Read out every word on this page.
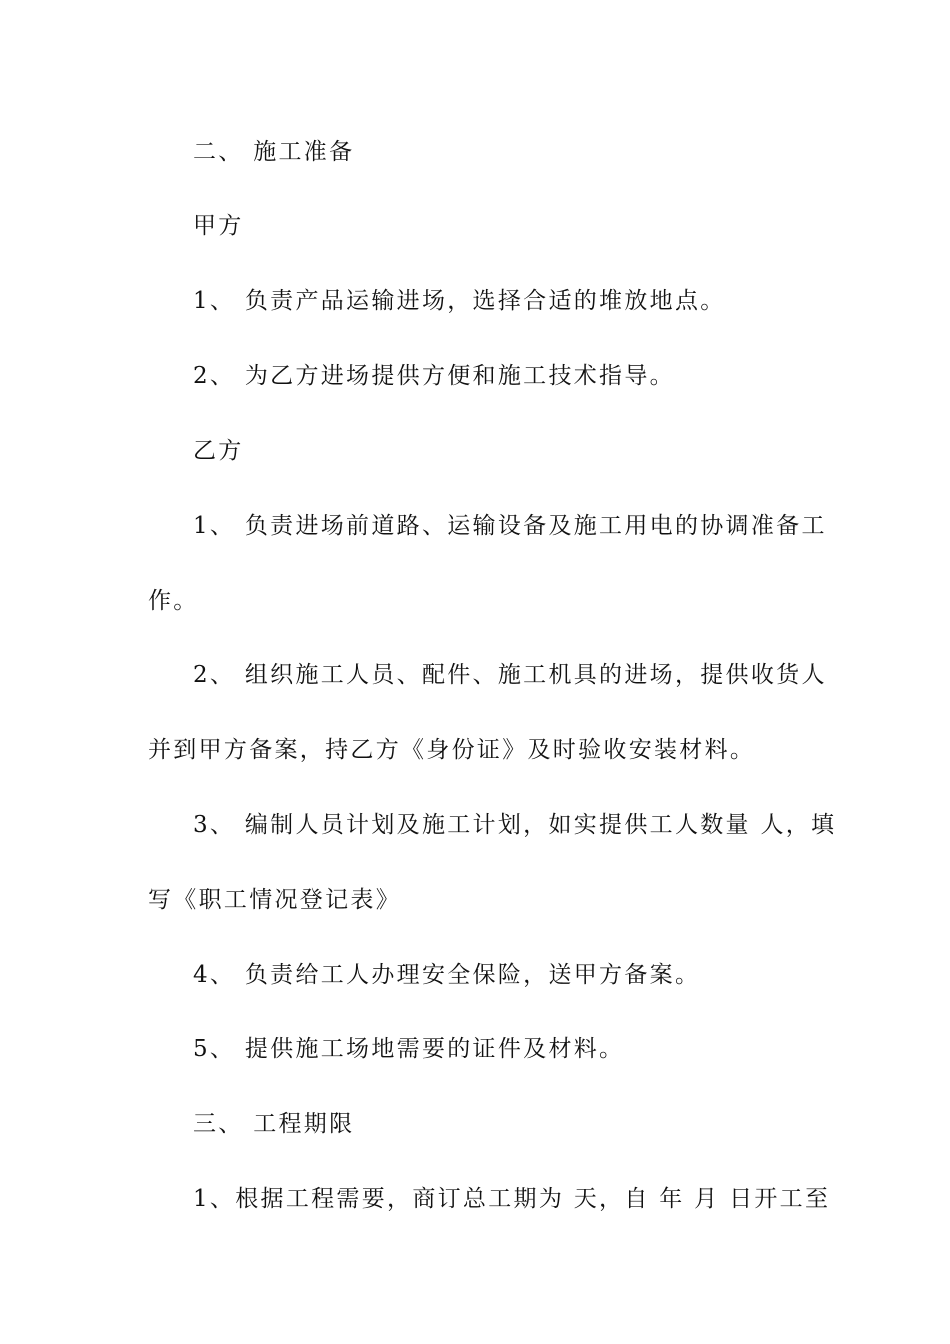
二、 施工准备
甲方
1、 负责产品运输进场，选择合适的堆放地点。
2、 为乙方进场提供方便和施工技术指导。
乙方
1、 负责进场前道路、运输设备及施工用电的协调准备工
作。
2、 组织施工人员、配件、施工机具的进场，提供收货人
并到甲方备案，持乙方《身份证》及时验收安装材料。
3、 编制人员计划及施工计划，如实提供工人数量 人，填
写《职工情况登记表》
4、 负责给工人办理安全保险，送甲方备案。
5、 提供施工场地需要的证件及材料。
三、 工程期限
1、根据工程需要，商订总工期为 天，自 年 月 日开工至
